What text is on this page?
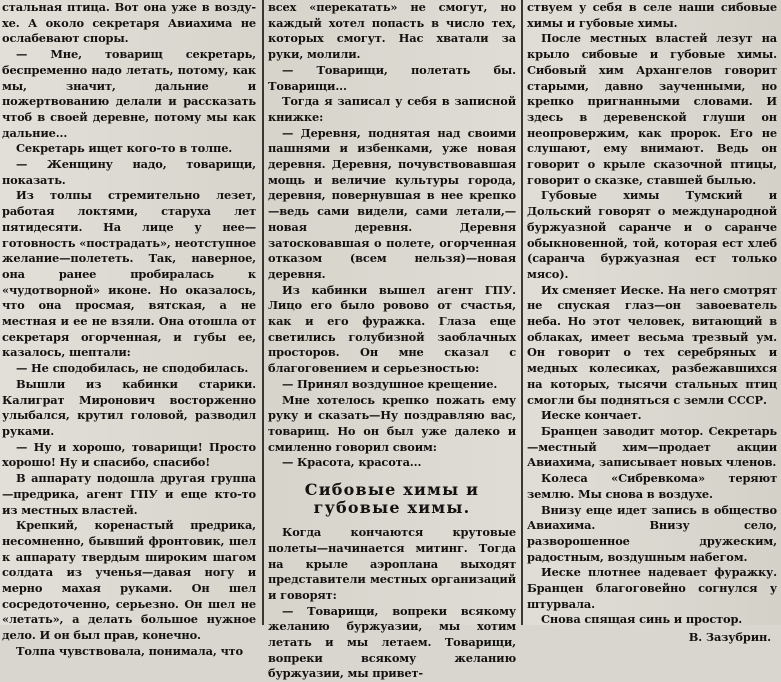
стальная птица. Вот она уже в возду- хе. А около секретаря Авиахима не ослабевают споры.

— Мне, товарищ секретарь, беспременно надо летать, потому, как мы, значит, дальние и пожертвованию делали и рассказать чтоб в своей деревне, потому мы как дальние...

Секретарь ищет кого-то в толпе.

— Женщину надо, товарищи, показать.

Из толпы стремительно лезет, работая локтями, старуха лет пятидесяти. На лице у нее—готовность «пострадать», неотступное желание—полететь. Так, наверное, она ранее пробиралась к «чудотворной» иконе. Но оказалось, что она просмая, вятская, а не местная и ее не взяли. Она отошла от секретаря огорченная, и губы ее, казалось, шептали:

— Не сподобилась, не сподобилась.

Вышли из кабинки старики. Калиграт Миронович восторженно улыбался, крутил головой, разводил руками.

— Ну и хорошо, товарищи! Просто хорошо! Ну и спасибо, спасибо!

В аппарату подошла другая группа—предрика, агент ГПУ и еще кто-то из местных властей.

Крепкий, коренастый предрика, несомненно, бывший фронтовик, шел к аппарату твердым широким шагом солдата из ученья—давая ногу и мерно махая руками. Он шел сосредоточенно, серьезно. Он шел не «летать», а делать большое нужное дело. И он был прав, конечно.

Толпа чувствовала, понимала, что

всех «перекатать» не смогут, но каждый хотел попасть в число тех, которых смогут. Нас хватали за руки, молили.

— Товарищи, полетать бы. Товарищи...

Тогда я записал у себя в записной книжке:

— Деревня, поднятая над своими пашнями и избенками, уже новая деревня. Деревня, почувствовавшая мощь и величие культуры города, деревня, повернувшая в нее крепко—ведь сами видели, сами летали,—новая деревня. Деревня затосковавшая о полете, огорченная отказом (всем нельзя)—новая деревня.

Из кабинки вышел агент ГПУ. Лицо его было ровово от счастья, как и его фуражка. Глаза еще светились голубизной заоблачных просторов. Он мне сказал с благоговением и серьезностью:

— Принял воздушное крещение.

Мне хотелось крепко пожать ему руку и сказать—Ну поздравляю вас, товарищ. Но он был уже далеко и смиленно говорил своим:

— Красота, красота...

Сибовые химы и губовые химы.

Когда кончаются крутовые полеты—начинается митинг. Тогда на крыле аэроплана выходят представители местных организаций и говорят:

— Товарищи, вопреки всякому желанию буржуазии, мы хотим летать и мы летаем. Товарищи, вопреки всякому желанию буржуазии, мы привет-

ствуем у себя в селе наши сибовые химы и губовые химы.

После местных властей лезут на крыло сибовые и губовые химы. Сибовый хим Архангелов говорит старыми, давно заученными, но крепко пригнанными словами. И здесь в деревенской глуши он неопровержим, как пророк. Его не слушают, ему внимают. Ведь он говорит о крыле сказочной птицы, говорит о сказке, ставшей былью.

Губовые химы Тумский и Дольский говорят о международной буржуазной саранче и о саранче обыкновенной, той, которая ест хлеб (саранча буржуазная ест только мясо).

Их сменяет Иеске. На него смотрят не спуская глаз—он завоеватель неба. Но этот человек, витающий в облаках, имеет весьма трезвый ум. Он говорит о тех серебряных и медных колесиках, разбежавшихся на которых, тысячи стальных птиц смогли бы подняться с земли СССР.

Иеске кончает.

Бранцен заводит мотор. Секретарь—местный хим—продает акции Авиахима, записывает новых членов.

Колеса «Сибревкома» теряют землю. Мы снова в воздухе.

Внизу еще идет запись в общество Авиахима. Внизу село, разворошенное дружеским, радостным, воздушным набегом.

Иеске плотнее надевает фуражку. Бранцен благоговейно согнулся у штурвала.

Снова спящая синь и простор.

В. Зазубрин.
